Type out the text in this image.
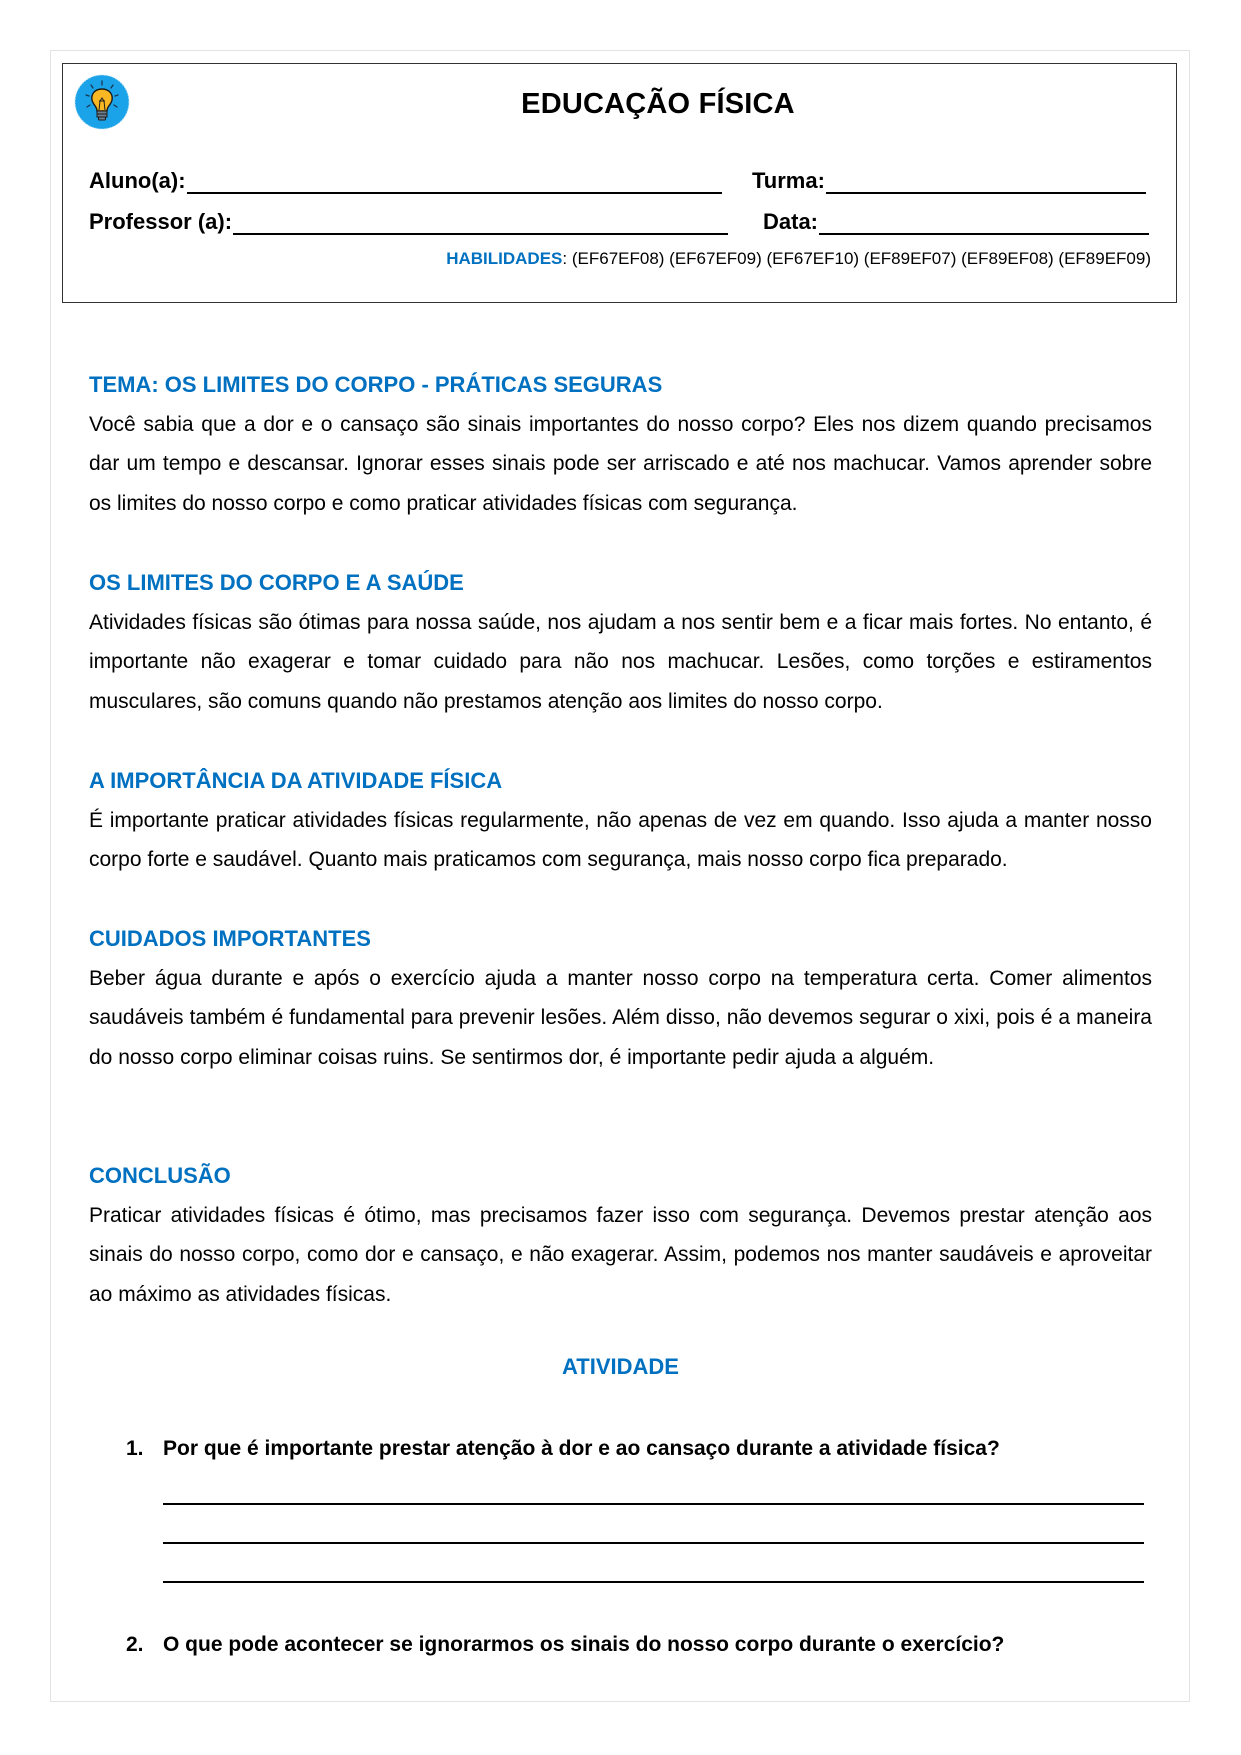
EDUCAÇÃO FÍSICA
Aluno(a):	Turma:
Professor (a):	Data:
HABILIDADES: (EF67EF08) (EF67EF09) (EF67EF10) (EF89EF07) (EF89EF08) (EF89EF09)
TEMA: OS LIMITES DO CORPO - PRÁTICAS SEGURAS

Você sabia que a dor e o cansaço são sinais importantes do nosso corpo? Eles nos dizem quando precisamos dar um tempo e descansar. Ignorar esses sinais pode ser arriscado e até nos machucar. Vamos aprender sobre os limites do nosso corpo e como praticar atividades físicas com segurança.

OS LIMITES DO CORPO E A SAÚDE

Atividades físicas são ótimas para nossa saúde, nos ajudam a nos sentir bem e a ficar mais fortes. No entanto, é importante não exagerar e tomar cuidado para não nos machucar. Lesões, como torções e estiramentos musculares, são comuns quando não prestamos atenção aos limites do nosso corpo.

A IMPORTÂNCIA DA ATIVIDADE FÍSICA

É importante praticar atividades físicas regularmente, não apenas de vez em quando. Isso ajuda a manter nosso corpo forte e saudável. Quanto mais praticamos com segurança, mais nosso corpo fica preparado.

CUIDADOS IMPORTANTES

Beber água durante e após o exercício ajuda a manter nosso corpo na temperatura certa. Comer alimentos saudáveis também é fundamental para prevenir lesões. Além disso, não devemos segurar o xixi, pois é a maneira do nosso corpo eliminar coisas ruins. Se sentirmos dor, é importante pedir ajuda a alguém.

CONCLUSÃO

Praticar atividades físicas é ótimo, mas precisamos fazer isso com segurança. Devemos prestar atenção aos sinais do nosso corpo, como dor e cansaço, e não exagerar. Assim, podemos nos manter saudáveis e aproveitar ao máximo as atividades físicas.

ATIVIDADE
1. Por que é importante prestar atenção à dor e ao cansaço durante a atividade física?
2. O que pode acontecer se ignorarmos os sinais do nosso corpo durante o exercício?
